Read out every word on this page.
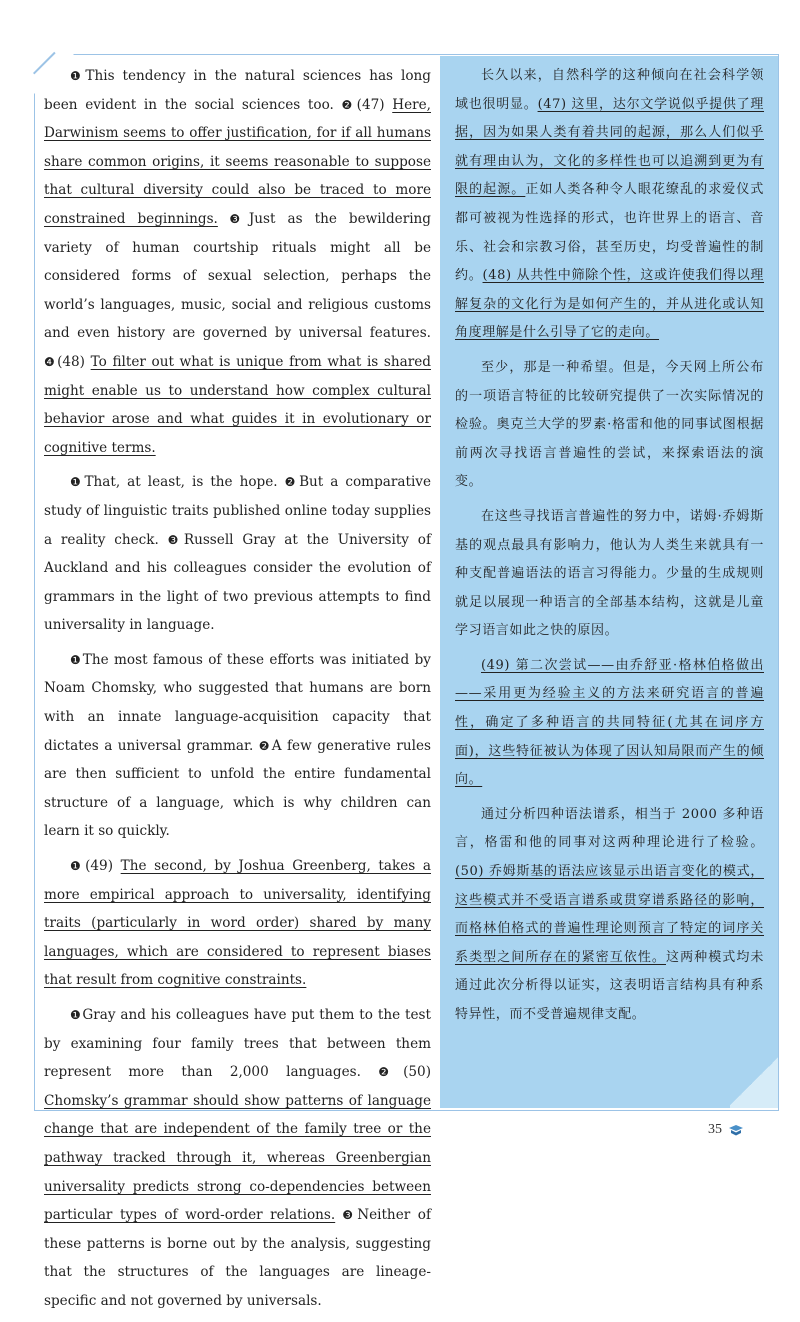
❶This tendency in the natural sciences has long been evident in the social sciences too. ❷(47) Here, Darwinism seems to offer justification, for if all humans share common origins, it seems reasonable to suppose that cultural diversity could also be traced to more constrained beginnings. ❸Just as the bewildering variety of human courtship rituals might all be considered forms of sexual selection, perhaps the world’s languages, music, social and religious customs and even history are governed by universal features. ❹(48) To filter out what is unique from what is shared might enable us to understand how complex cultural behavior arose and what guides it in evolutionary or cognitive terms.

❶That, at least, is the hope. ❷But a comparative study of linguistic traits published online today supplies a reality check. ❸Russell Gray at the University of Auckland and his colleagues consider the evolution of grammars in the light of two previous attempts to find universality in language.

❶The most famous of these efforts was initiated by Noam Chomsky, who suggested that humans are born with an innate language-acquisition capacity that dictates a universal grammar. ❷A few generative rules are then sufficient to unfold the entire fundamental structure of a language, which is why children can learn it so quickly.

❶(49) The second, by Joshua Greenberg, takes a more empirical approach to universality, identifying traits (particularly in word order) shared by many languages, which are considered to represent biases that result from cognitive constraints.

❶Gray and his colleagues have put them to the test by examining four family trees that between them represent more than 2,000 languages. ❷(50) Chomsky’s grammar should show patterns of language change that are independent of the family tree or the pathway tracked through it, whereas Greenbergian universality predicts strong co-dependencies between particular types of word-order relations. ❸Neither of these patterns is borne out by the analysis, suggesting that the structures of the languages are lineage-specific and not governed by universals.

长久以来，自然科学的这种倾向在社会科学领域也很明显。(47) 这里，达尔文学说似乎提供了理据，因为如果人类有着共同的起源，那么人们似乎就有理由认为，文化的多样性也可以追溯到更为有限的起源。正如人类各种令人眼花缭乱的求爱仪式都可被视为性选择的形式，也许世界上的语言、音乐、社会和宗教习俗，甚至历史，均受普遍性的制约。(48) 从共性中筛除个性，这或许使我们得以理解复杂的文化行为是如何产生的，并从进化或认知角度理解是什么引导了它的走向。

至少，那是一种希望。但是，今天网上所公布的一项语言特征的比较研究提供了一次实际情况的检验。奥克兰大学的罗素·格雷和他的同事试图根据前两次寻找语言普遍性的尝试，来探索语法的演变。

在这些寻找语言普遍性的努力中，诺姆·乔姆斯基的观点最具有影响力，他认为人类生来就具有一种支配普遍语法的语言习得能力。少量的生成规则就足以展现一种语言的全部基本结构，这就是儿童学习语言如此之快的原因。

(49) 第二次尝试——由乔舒亚·格林伯格做出——采用更为经验主义的方法来研究语言的普遍性，确定了多种语言的共同特征(尤其在词序方面)，这些特征被认为体现了因认知局限而产生的倾向。

通过分析四种语法谱系，相当于 2000 多种语言，格雷和他的同事对这两种理论进行了检验。(50) 乔姆斯基的语法应该显示出语言变化的模式，这些模式并不受语言谱系或贯穿谱系路径的影响，而格林伯格式的普遍性理论则预言了特定的词序关系类型之间所存在的紧密互依性。这两种模式均未通过此次分析得以证实，这表明语言结构具有种系特异性，而不受普遍规律支配。

35
